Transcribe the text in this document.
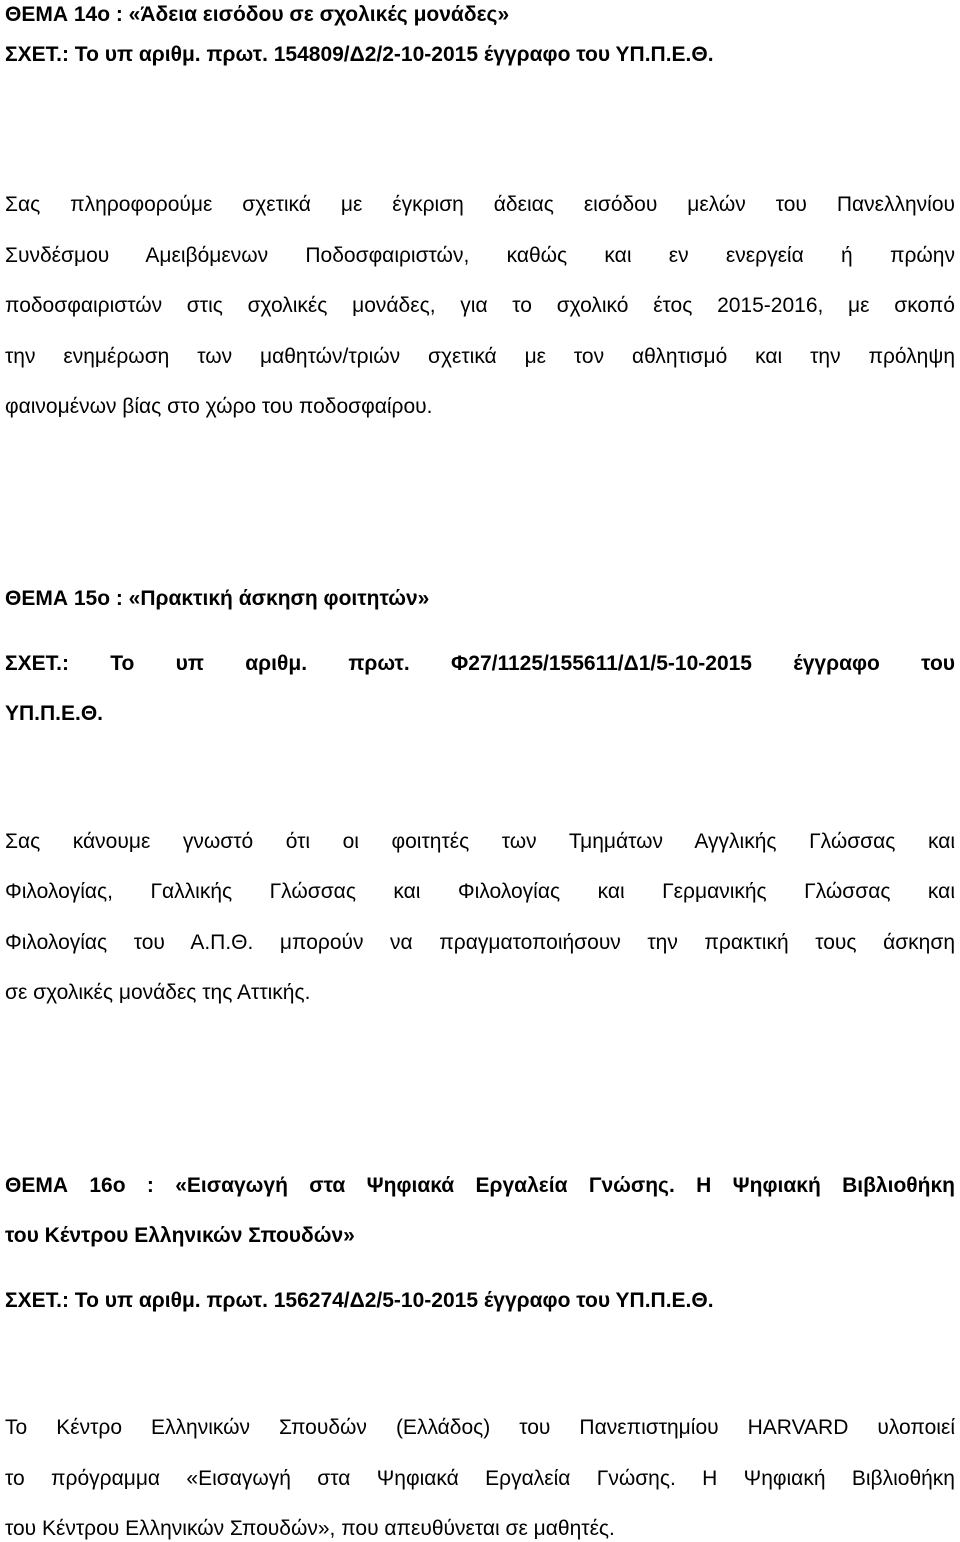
ΘΕΜΑ 14ο : «Άδεια εισόδου σε σχολικές μονάδες»
ΣΧΕΤ.: Το υπ αριθμ. πρωτ. 154809/Δ2/2-10-2015 έγγραφο του ΥΠ.Π.Ε.Θ.
Σας πληροφορούμε σχετικά με έγκριση άδειας εισόδου μελών του Πανελληνίου
Συνδέσμου Αμειβόμενων Ποδοσφαιριστών, καθώς και εν ενεργεία ή πρώην
ποδοσφαιριστών στις σχολικές μονάδες, για το σχολικό έτος 2015-2016, με σκοπό
την ενημέρωση των μαθητών/τριών σχετικά με τον αθλητισμό και την πρόληψη
φαινομένων βίας στο χώρο του ποδοσφαίρου.
ΘΕΜΑ 15ο : «Πρακτική άσκηση φοιτητών»
ΣΧΕΤ.: Το υπ αριθμ. πρωτ. Φ27/1125/155611/Δ1/5-10-2015 έγγραφο του
ΥΠ.Π.Ε.Θ.
Σας κάνουμε γνωστό ότι οι φοιτητές των Τμημάτων Αγγλικής Γλώσσας και
Φιλολογίας, Γαλλικής Γλώσσας και Φιλολογίας και Γερμανικής Γλώσσας και
Φιλολογίας του Α.Π.Θ. μπορούν να πραγματοποιήσουν την πρακτική τους άσκηση
σε σχολικές μονάδες της Αττικής.
ΘΕΜΑ 16ο : «Εισαγωγή στα Ψηφιακά Εργαλεία Γνώσης. Η Ψηφιακή Βιβλιοθήκη
του Κέντρου Ελληνικών Σπουδών»
ΣΧΕΤ.: Το υπ αριθμ. πρωτ. 156274/Δ2/5-10-2015 έγγραφο του ΥΠ.Π.Ε.Θ.
Το Κέντρο Ελληνικών Σπουδών (Ελλάδος) του Πανεπιστημίου HARVARD υλοποιεί
το πρόγραμμα «Εισαγωγή στα Ψηφιακά Εργαλεία Γνώσης. Η Ψηφιακή Βιβλιοθήκη
του Κέντρου Ελληνικών Σπουδών», που απευθύνεται σε μαθητές.
